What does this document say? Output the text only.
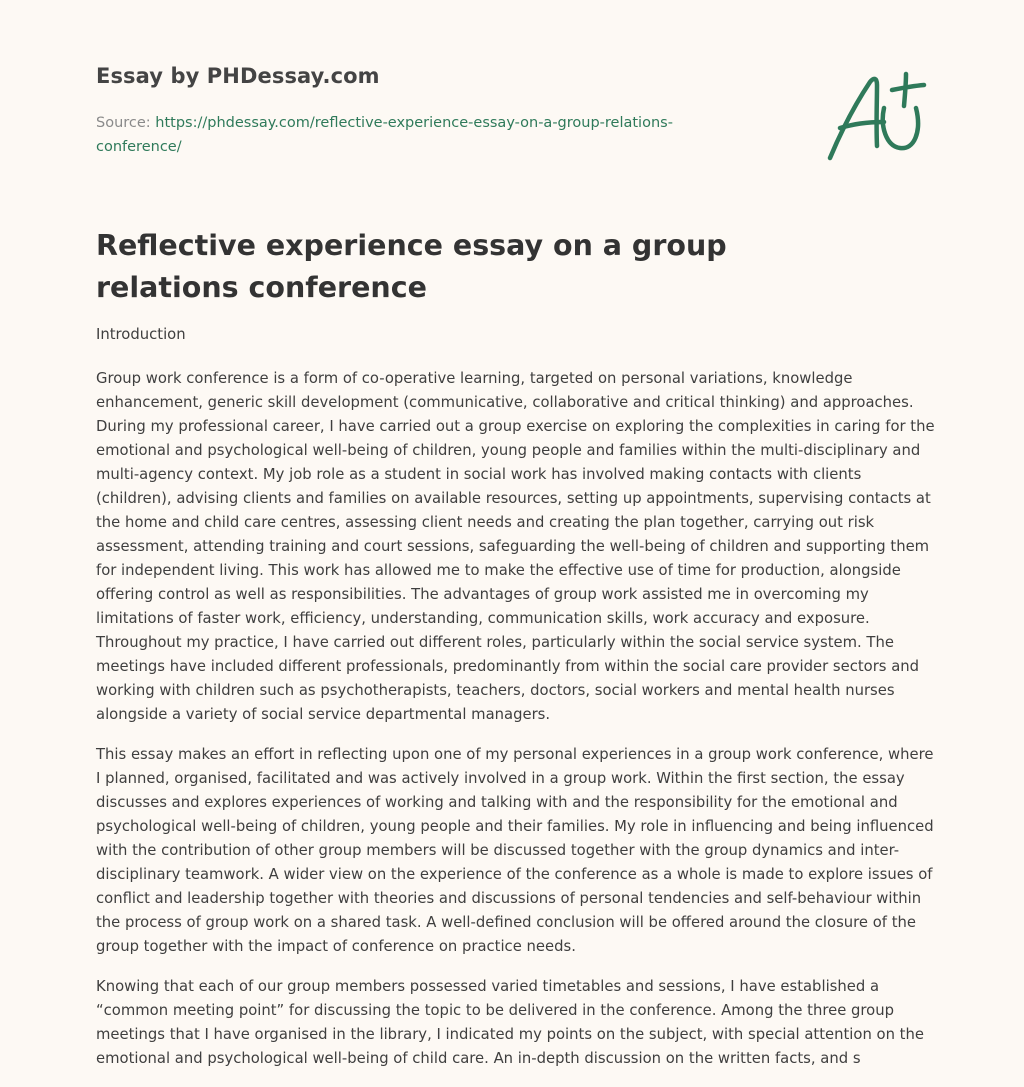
Essay by PHDessay.com
Source: https://phdessay.com/reflective-experience-essay-on-a-group-relations-conference/
Reflective experience essay on a group relations conference

Introduction

Group work conference is a form of co-operative learning, targeted on personal variations, knowledge enhancement, generic skill development (communicative, collaborative and critical thinking) and approaches. During my professional career, I have carried out a group exercise on exploring the complexities in caring for the emotional and psychological well-being of children, young people and families within the multi-disciplinary and multi-agency context. My job role as a student in social work has involved making contacts with clients (children), advising clients and families on available resources, setting up appointments, supervising contacts at the home and child care centres, assessing client needs and creating the plan together, carrying out risk assessment, attending training and court sessions, safeguarding the well-being of children and supporting them for independent living. This work has allowed me to make the effective use of time for production, alongside offering control as well as responsibilities. The advantages of group work assisted me in overcoming my limitations of faster work, efficiency, understanding, communication skills, work accuracy and exposure. Throughout my practice, I have carried out different roles, particularly within the social service system. The meetings have included different professionals, predominantly from within the social care provider sectors and working with children such as psychotherapists, teachers, doctors, social workers and mental health nurses alongside a variety of social service departmental managers.

This essay makes an effort in reflecting upon one of my personal experiences in a group work conference, where I planned, organised, facilitated and was actively involved in a group work. Within the first section, the essay discusses and explores experiences of working and talking with and the responsibility for the emotional and psychological well-being of children, young people and their families. My role in influencing and being influenced with the contribution of other group members will be discussed together with the group dynamics and inter-disciplinary teamwork. A wider view on the experience of the conference as a whole is made to explore issues of conflict and leadership together with theories and discussions of personal tendencies and self-behaviour within the process of group work on a shared task. A well-defined conclusion will be offered around the closure of the group together with the impact of conference on practice needs.

Knowing that each of our group members possessed varied timetables and sessions, I have established a “common meeting point” for discussing the topic to be delivered in the conference. Among the three group meetings that I have organised in the library, I indicated my points on the subject, with special attention on the emotional and psychological well-being of child care. An in-depth discussion on the written facts, and s
